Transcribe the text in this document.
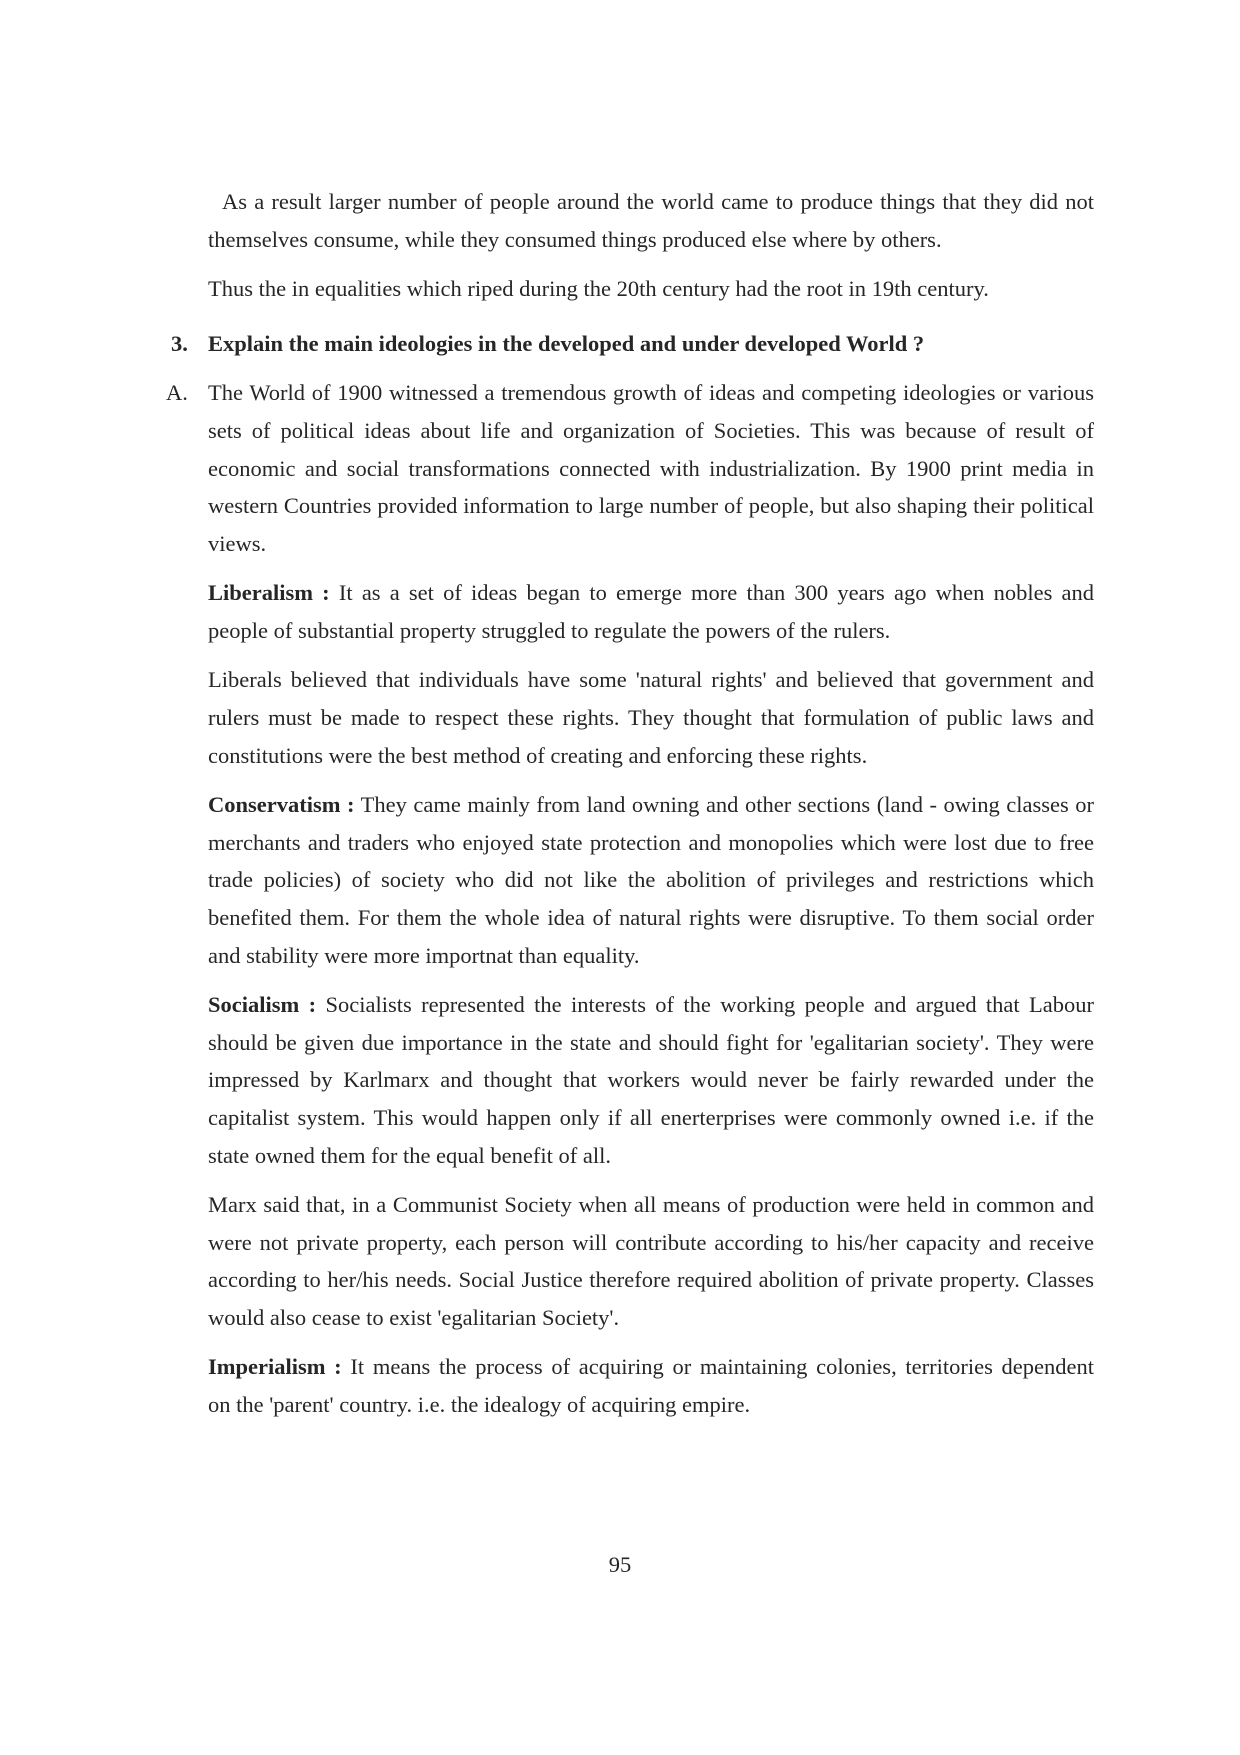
As a result larger number of people around the world came to produce things that they did not
themselves consume, while they consumed things produced else where by others.
Thus the in equalities which riped during the 20th century had the root in 19th century.
3. Explain the main ideologies in the developed and under developed World ?
A. The World of 1900 witnessed a tremendous growth of ideas and competing ideologies or various
sets of political ideas about life and organization of Societies. This was because of result of
economic and social transformations connected with industrialization. By 1900 print media in
western Countries provided information to large number of people, but also shaping their political
views.
Liberalism : It as a set of ideas began to emerge more than 300 years ago when nobles and
people of substantial property struggled to regulate the powers of the rulers.
Liberals believed that individuals have some 'natural rights' and believed that government and
rulers must be made to respect these rights. They thought that formulation of public laws and
constitutions were the best method of creating and enforcing these rights.
Conservatism : They came mainly from land owning and other sections (land - owing classes or
merchants and traders who enjoyed state protection and monopolies which were lost due to free
trade policies) of society who did not like the abolition of privileges and restrictions which
benefited them. For them the whole idea of natural rights were disruptive. To them social order
and stability were more importnat than equality.
Socialism : Socialists represented the interests of the working people and argued that Labour
should be given due importance in the state and should fight for 'egalitarian society'. They were
impressed by Karlmarx and thought that workers would never be fairly rewarded under the
capitalist system. This would happen only if all enerterprises were commonly owned i.e. if the
state owned them for the equal benefit of all.
Marx said that, in a Communist Society when all means of production were held in common and
were not private property, each person will contribute according to his/her capacity and receive
according to her/his needs. Social Justice therefore required abolition of private property. Classes
would also cease to exist 'egalitarian Society'.
Imperialism : It means the process of acquiring or maintaining colonies, territories dependent
on the 'parent' country. i.e. the idealogy of acquiring empire.
95
